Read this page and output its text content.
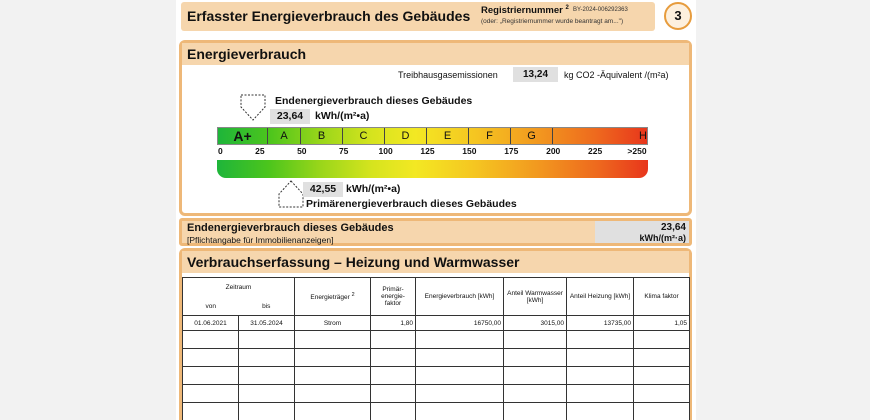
Erfasster Energieverbrauch des Gebäudes Registriernummer $^2$ BY-2024-006292363
(oder: „Registriernummer wurde beantragt am...")	3
Energieverbrauch
Treibhausgasemissionen	13,24	kg CO2 -Äquivalent /(m²a)
Endenergieverbrauch dieses Gebäudes
23,64	kWh/(m²•a)
A+	A	B	C	D	E	F	G	H
0	25	50	75	100	125	150	175	200	225	>250
42,55 kWh/(m²•a)
Primärenergieverbrauch dieses Gebäudes
Endenergieverbrauch dieses Gebäudes
[Pflichtangabe für Immobilienanzeigen]
23,64
kWh/(m²·a)
Verbrauchserfassung – Heizung und Warmwasser
Zeitraum		Energieträger $^2$	Primär-energie-faktor	Energieverbrauch [kWh]	Anteil Warmwasser [kWh]	Anteil Heizung [kWh]	Klima faktor
von	bis						
01.06.2021	31.05.2024	Strom	1,80	16750,00	3015,00	13735,00	1,05
